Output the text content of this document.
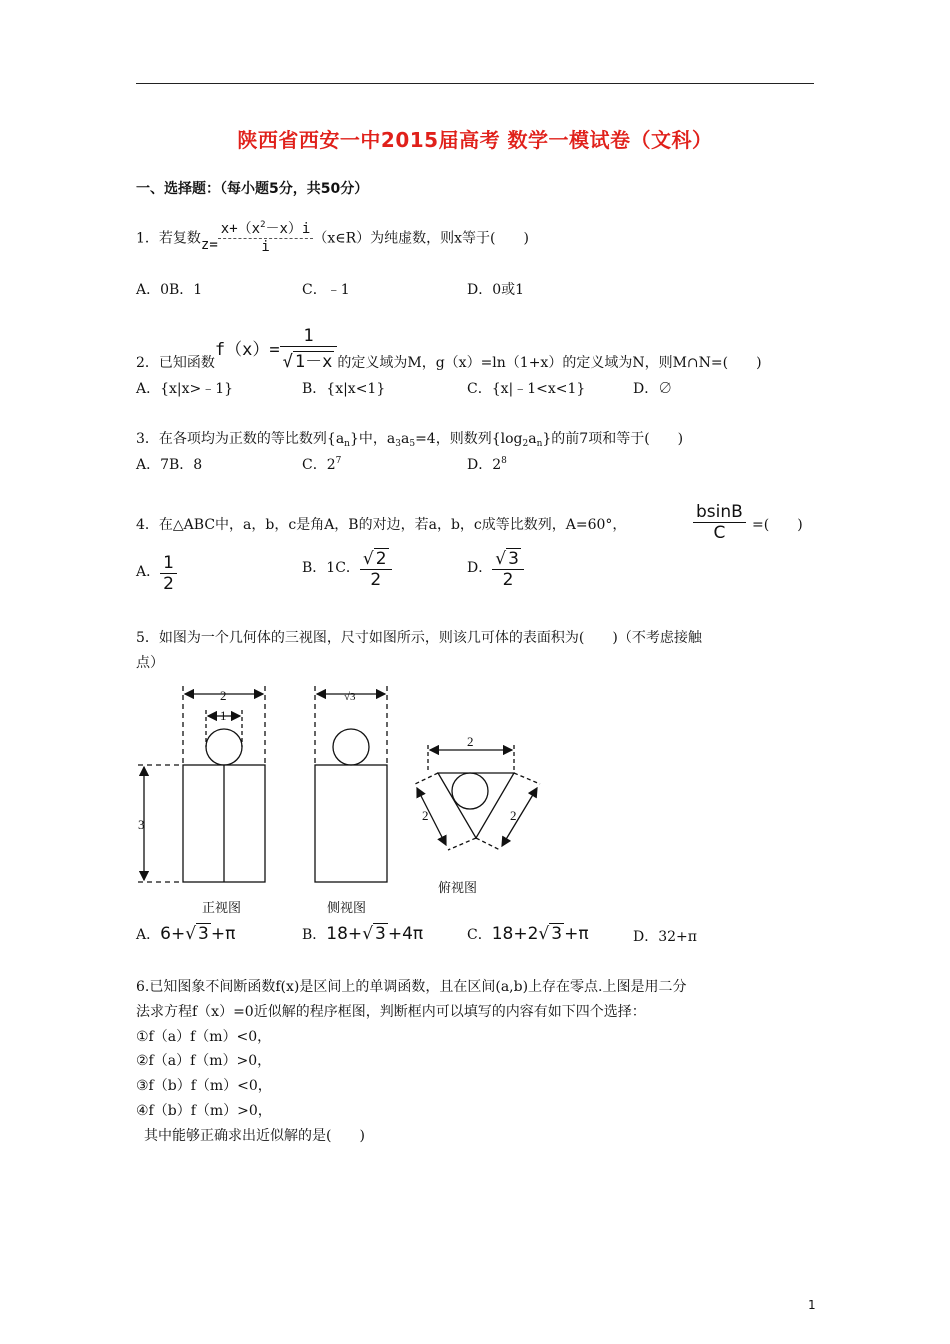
陕西省西安一中2015届高考 数学一模试卷（文科）
一、选择题：（每小题5分，共50分）
1．若复数$z= \frac{x+(x^2-x)i}{i}$ （x∈R）为纯虚数，则x等于(　　)
A．0B．1	C．﹣1	D．0或1
2．已知函数$f(x)= \frac{1}{√ 1-x}$ 的定义域为M，g（x）=ln（1+x）的定义域为N，则M∩N=(　　)
A．{x|x>﹣1}	B．{x|x<1}	C．{x|﹣1<x<1}	D．∅
3．在各项均为正数的等比数列$\{a_n\}$中，$a_3a_5=4$，则数列$\{\log_2a_n\}$的前7项和等于(　　)
A．7B．8	C．$2^7$	D．$2^8$
4．在△ABC中，a，b，c是角A，B的对边，若a，b，c成等比数列，A=60°，	$\frac{bsinB}{C}$ =(　　)
A． $\frac{1}{2}$	B．1C． $\frac{√ 2}{2}$	D． $\frac{√ 3}{2}$
5．如图为一个几何体的三视图，尺寸如图所示，则该几可体的表面积为(　　)（不考虑接触
点）
2
1
3
正视图
√3
侧视图
2
2	2
俯视图
A．6+√ 3 +π	B．18+√ 3 +4π	C．18+2√ 3 +π	D．32+π
6.已知图象不间断函数f(x)是区间上的单调函数，且在区间(a,b)上存在零点.上图是用二分
法求方程f（x）=0近似解的程序框图，判断框内可以填写的内容有如下四个选择：
①f（a）f（m）<0，
②f（a）f（m）>0，
③f（b）f（m）<0，
④f（b）f（m）>0，
其中能够正确求出近似解的是(　　)
1
